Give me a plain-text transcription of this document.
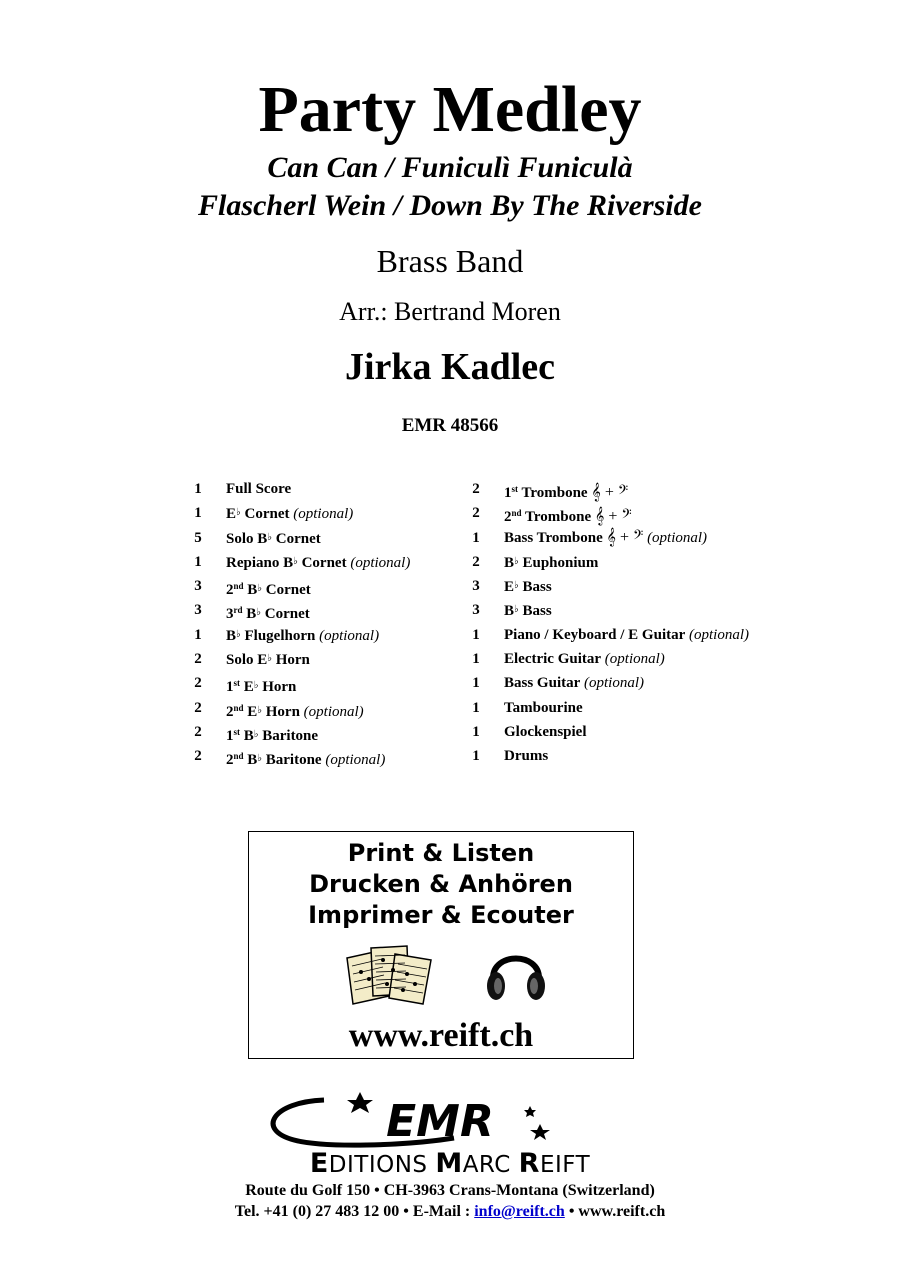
Party Medley
Can Can / Funiculì Funiculà
Flascherl Wein / Down By The Riverside
Brass Band
Arr.: Bertrand Moren
Jirka Kadlec
EMR 48566
1 Full Score
1 E♭ Cornet (optional)
5 Solo B♭ Cornet
1 Repiano B♭ Cornet (optional)
3 2nd B♭ Cornet
3 3rd B♭ Cornet
1 B♭ Flugelhorn (optional)
2 Solo E♭ Horn
2 1st E♭ Horn
2 2nd E♭ Horn (optional)
2 1st B♭ Baritone
2 2nd B♭ Baritone (optional)
2 1st Trombone 𝄞 + 𝄢
2 2nd Trombone 𝄞 + 𝄢
1 Bass Trombone 𝄞 + 𝄢 (optional)
2 B♭ Euphonium
3 E♭ Bass
3 B♭ Bass
1 Piano / Keyboard / E Guitar (optional)
1 Electric Guitar (optional)
1 Bass Guitar (optional)
1 Tambourine
1 Glockenspiel
1 Drums
Print & Listen
Drucken & Anhören
Imprimer & Ecouter
www.reift.ch
EMR
EDITIONS MARC REIFT
Route du Golf 150 • CH-3963 Crans-Montana (Switzerland)
Tel. +41 (0) 27 483 12 00 • E-Mail : info@reift.ch • www.reift.ch
